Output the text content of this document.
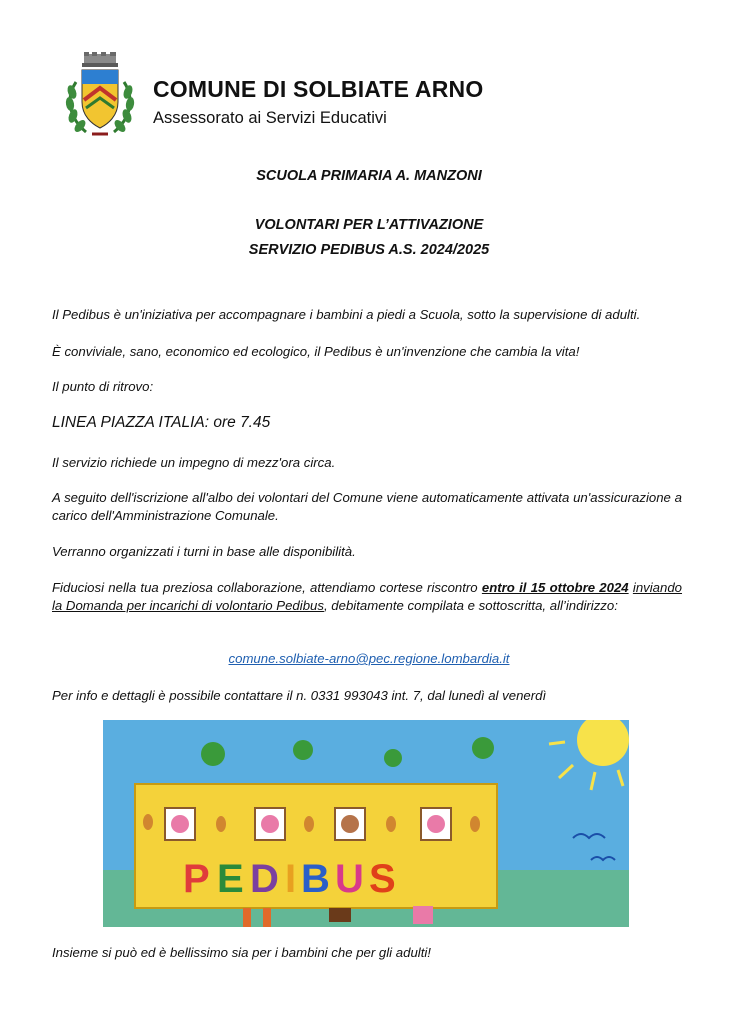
COMUNE DI SOLBIATE ARNO
Assessorato ai Servizi Educativi
SCUOLA PRIMARIA A. MANZONI
VOLONTARI PER L’ATTIVAZIONE
SERVIZIO PEDIBUS A.S. 2024/2025
Il Pedibus è un'iniziativa per accompagnare i bambini a piedi a Scuola, sotto la supervisione di adulti.
È conviviale, sano, economico ed ecologico, il Pedibus è un'invenzione che cambia la vita!
Il punto di ritrovo:
LINEA PIAZZA ITALIA: ore 7.45
Il servizio richiede un impegno di mezz'ora circa.
A seguito dell'iscrizione all'albo dei volontari del Comune viene automaticamente attivata un'assicurazione a carico dell'Amministrazione Comunale.
Verranno organizzati i turni in base alle disponibilità.
Fiduciosi nella tua preziosa collaborazione, attendiamo cortese riscontro entro il 15 ottobre 2024 inviando la Domanda per incarichi di volontario Pedibus, debitamente compilata e sottoscritta, all’indirizzo:
comune.solbiate-arno@pec.regione.lombardia.it
Per info e dettagli è possibile contattare il n. 0331 993043 int. 7, dal lunedì al venerdì
P E D I B U S
Insieme si può ed è bellissimo sia per i bambini che per gli adulti!
